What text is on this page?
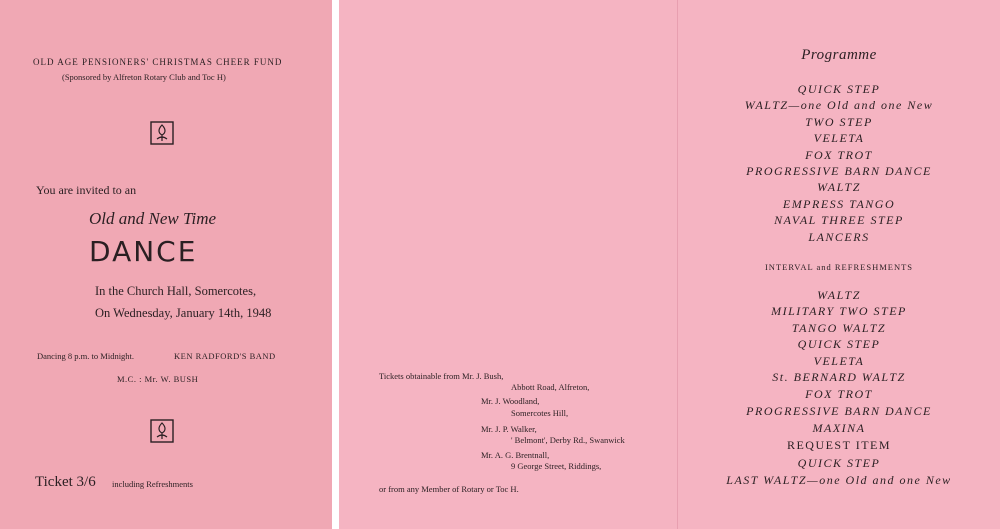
OLD AGE PENSIONERS' CHRISTMAS CHEER FUND
(Sponsored by Alfreton Rotary Club and Toc H)
You are invited to an
Old and New Time
DANCE
In the Church Hall, Somercotes,
On Wednesday, January 14th, 1948
Dancing 8 p.m. to Midnight.	KEN RADFORD'S BAND
M.C. : Mr. W. BUSH
Ticket 3/6 including Refreshments
Tickets obtainable from Mr. J. Bush,
Abbott Road, Alfreton,
Mr. J. Woodland,
Somercotes Hill,
Mr. J. P. Walker,
' Belmont', Derby Rd., Swanwick
Mr. A. G. Brentnall,
9 George Street, Riddings,
or from any Member of Rotary or Toc H.
Programme
QUICK STEP
WALTZ—one Old and one New
TWO STEP
VELETA
FOX TROT
PROGRESSIVE BARN DANCE
WALTZ
EMPRESS TANGO
NAVAL THREE STEP
LANCERS
INTERVAL and REFRESHMENTS
WALTZ
MILITARY TWO STEP
TANGO WALTZ
QUICK STEP
VELETA
St. BERNARD WALTZ
FOX TROT
PROGRESSIVE BARN DANCE
MAXINA
REQUEST ITEM
QUICK STEP
LAST WALTZ—one Old and one New
